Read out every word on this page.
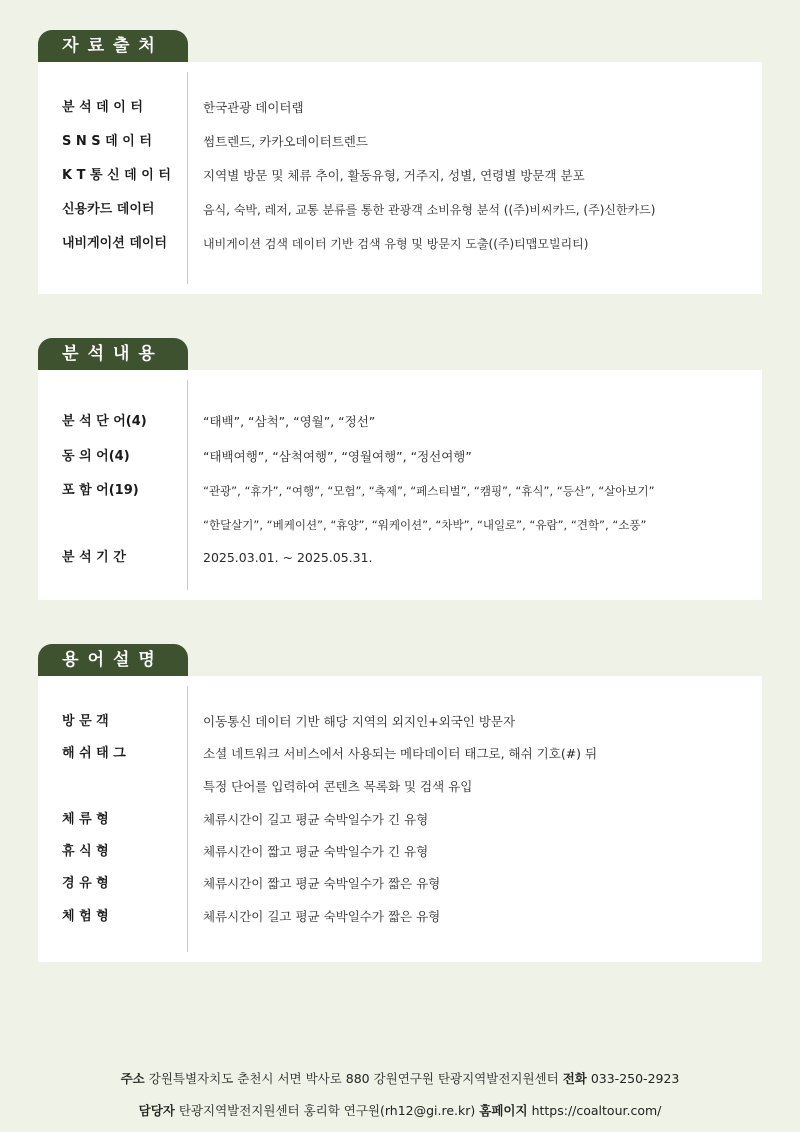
자료출처
분 석 데 이 터	한국관광 데이터랩
S N S 데 이 터	썸트렌드, 카카오데이터트렌드
K T 통 신 데 이 터	지역별 방문 및 체류 추이, 활동유형, 거주지, 성별, 연령별 방문객 분포
신용카드 데이터	음식, 숙박, 레저, 교통 분류를 통한 관광객 소비유형 분석 ((주)비씨카드, (주)신한카드)
내비게이션 데이터	내비게이션 검색 데이터 기반 검색 유형 및 방문지 도출((주)티맵모빌리티)
분석내용
분 석 단 어(4)	“태백”, “삼척”, “영월”, “정선”
동 의 어(4)	“태백여행”, “삼척여행”, “영월여행”, “정선여행”
포 함 어(19)	“관광”, “휴가”, “여행”, “모험”, “축제”, “페스티벌”, “캠핑”, “휴식”, “등산”, “살아보기”
“한달살기”, “베케이션”, “휴양”, “워케이션”, “차박”, “내일로”, “유람”, “견학”, “소풍”
분 석 기 간	2025.03.01. ~ 2025.05.31.
용어설명
방 문 객	이동통신 데이터 기반 해당 지역의 외지인+외국인 방문자
해 쉬 태 그	소셜 네트워크 서비스에서 사용되는 메타데이터 태그로, 해쉬 기호(#) 뒤
특정 단어를 입력하여 콘텐츠 목록화 및 검색 유입
체 류 형	체류시간이 길고 평균 숙박일수가 긴 유형
휴 식 형	체류시간이 짧고 평균 숙박일수가 긴 유형
경 유 형	체류시간이 짧고 평균 숙박일수가 짧은 유형
체 험 형	체류시간이 길고 평균 숙박일수가 짧은 유형
주소 강원특별자치도 춘천시 서면 박사로 880 강원연구원 탄광지역발전지원센터 전화 033-250-2923
담당자 탄광지역발전지원센터 홍리학 연구원(rh12@gi.re.kr) 홈페이지 https://coaltour.com/
